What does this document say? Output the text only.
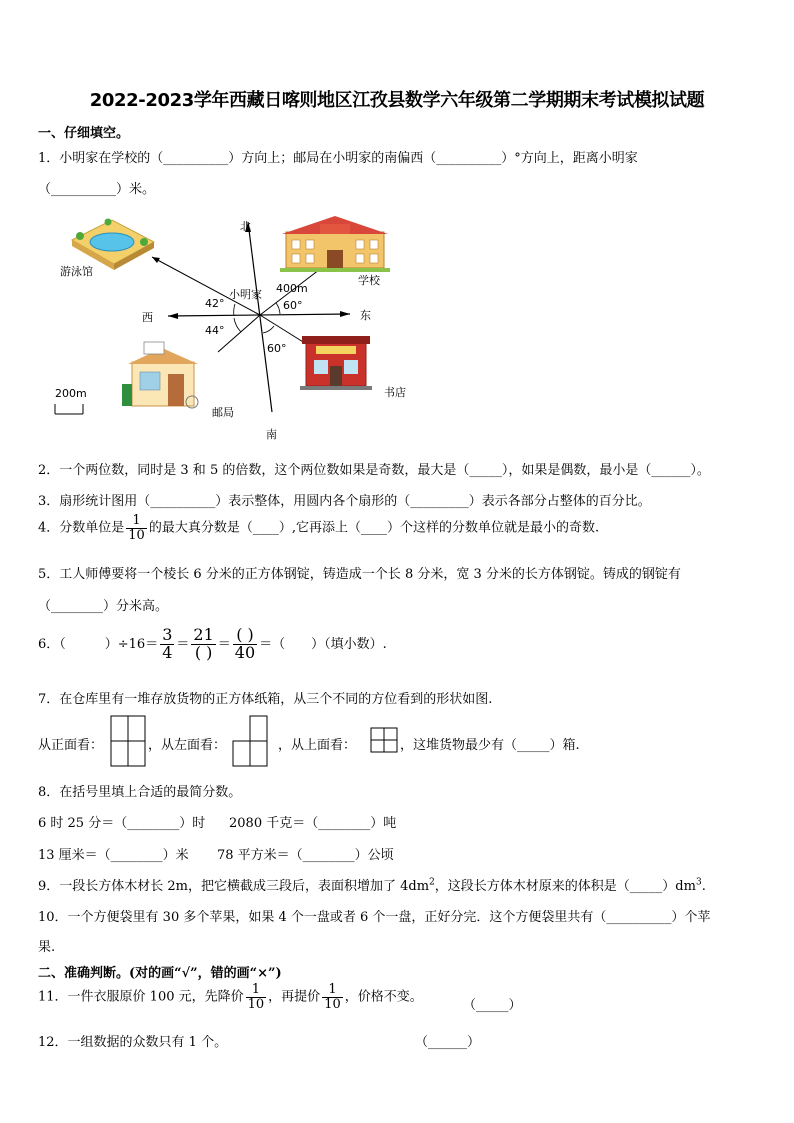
2022-2023学年西藏日喀则地区江孜县数学六年级第二学期期末考试模拟试题
一、仔细填空。
1．小明家在学校的（__________）方向上；邮局在小明家的南偏西（__________）°方向上，距离小明家
（__________）米。
北
南
东
西
小明家
游泳馆
学校
邮局
书店
42°
44°
60°
60°
400m
200m
2．一个两位数，同时是 3 和 5 的倍数，这个两位数如果是奇数，最大是（_____），如果是偶数，最小是（______）。
3．扇形统计图用（__________）表示整体，用圆内各个扇形的（_________）表示各部分占整体的百分比。
4．分数单位是 $\frac{1}{10}$ 的最大真分数是（____）,它再添上（____）个这样的分数单位就是最小的奇数.
5．工人师傅要将一个棱长 6 分米的正方体钢锭，铸造成一个长 8 分米，宽 3 分米的长方体钢锭。铸成的钢锭有
（________）分米高。
6．（　　　）$\div 16= \frac{3}{4} = \frac{21}{( )} = \frac{( )}{40}$ ＝（　　）（填小数）.
7．在仓库里有一堆存放货物的正方体纸箱，从三个不同的方位看到的形状如图.
从正面看：	，从左面看：	，从上面看：	，这堆货物最少有（_____）箱.
8．在括号里填上合适的最简分数。
6 时 25 分＝（________）时 2080 千克＝（________）吨
13 厘米＝（________）米 78 平方米＝（________）公顷
9．一段长方体木材长 2m，把它横截成三段后，表面积增加了 $4dm^2$，这段长方体木材原来的体积是$(\_\_\_\_\_)dm^3$.
10．一个方便袋里有 30 多个苹果，如果 4 个一盘或者 6 个一盘，正好分完．这个方便袋里共有（__________）个苹
果.
二、准确判断。(对的画“√”，错的画“×”)
11．一件衣服原价 100 元，先降价 $\frac{1}{10}$ ，再提价 $\frac{1}{10}$ ，价格不变。
（_____）
12．一组数据的众数只有 1 个。	（______）
